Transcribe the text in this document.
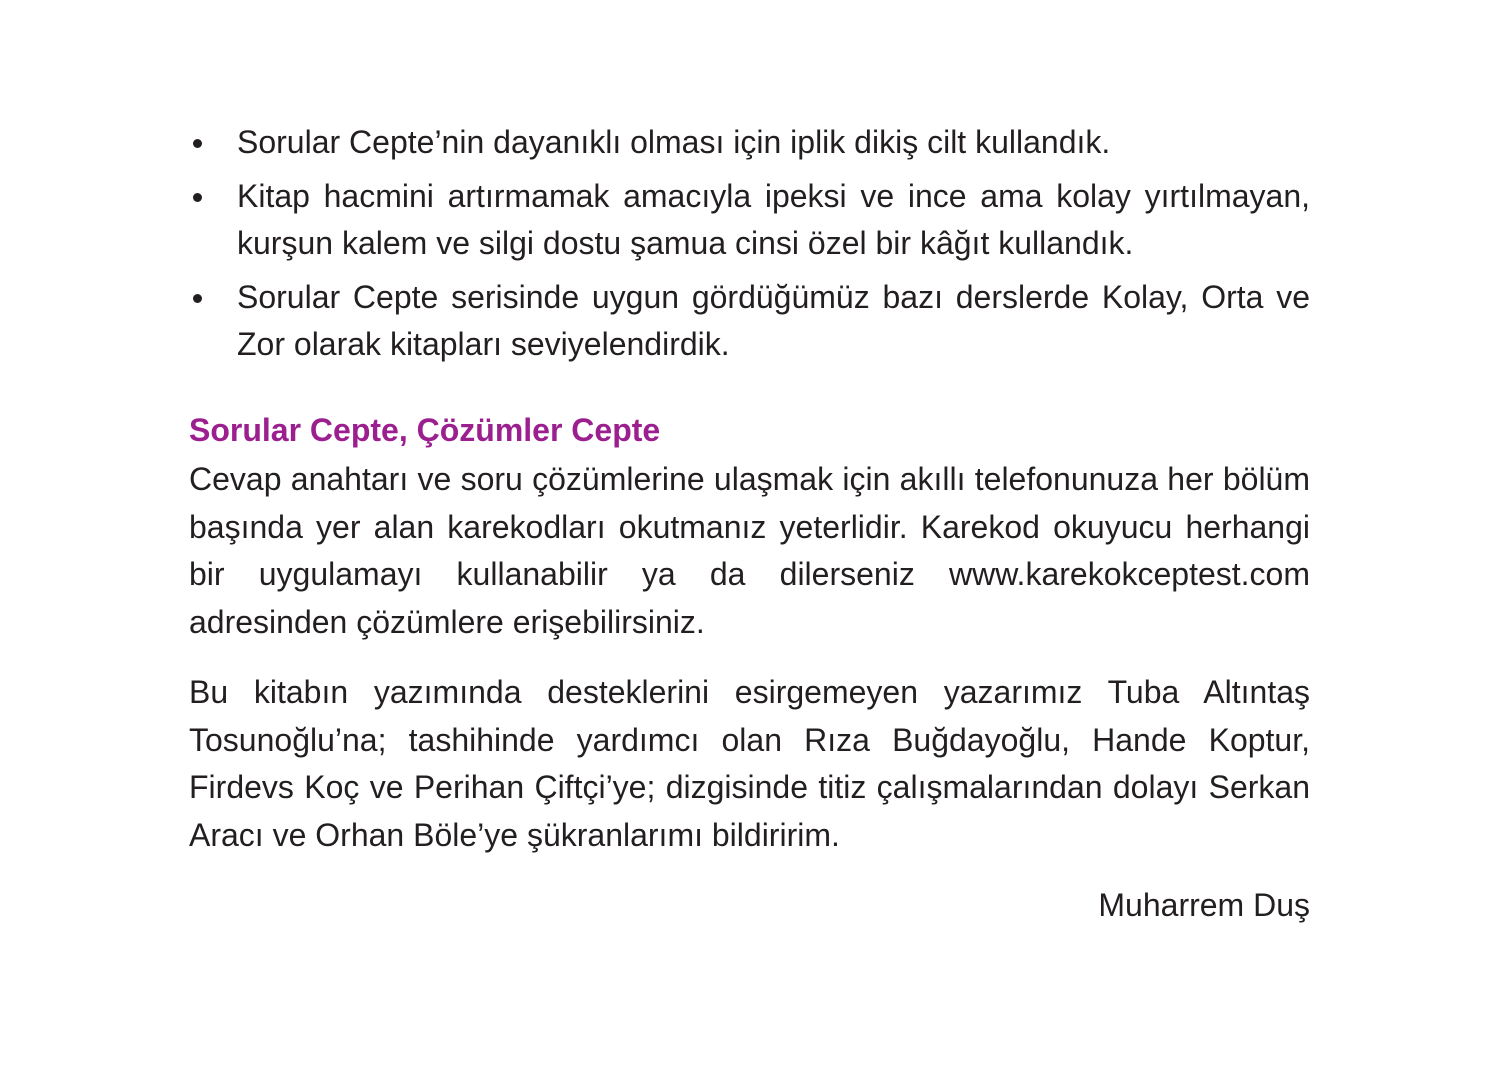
Sorular Cepte’nin dayanıklı olması için iplik dikiş cilt kullandık.
Kitap hacmini artırmamak amacıyla ipeksi ve ince ama kolay yırtılmayan, kurşun kalem ve silgi dostu şamua cinsi özel bir kâğıt kullandık.
Sorular Cepte serisinde uygun gördüğümüz bazı derslerde Kolay, Orta ve Zor olarak kitapları seviyelendirdik.
Sorular Cepte, Çözümler Cepte

Cevap anahtarı ve soru çözümlerine ulaşmak için akıllı telefonunuza her bölüm başında yer alan karekodları okutmanız yeterlidir. Karekod okuyucu herhangi bir uygulamayı kullanabilir ya da dilerseniz www.karekokceptest.com adresinden çözümlere erişebilirsiniz.

Bu kitabın yazımında desteklerini esirgemeyen yazarımız Tuba Altıntaş Tosunoğlu’na; tashihinde yardımcı olan Rıza Buğdayoğlu, Hande Koptur, Firdevs Koç ve Perihan Çiftçi’ye; dizgisinde titiz çalışmalarından dolayı Serkan Aracı ve Orhan Böle’ye şükranlarımı bildiririm.

Muharrem Duş
